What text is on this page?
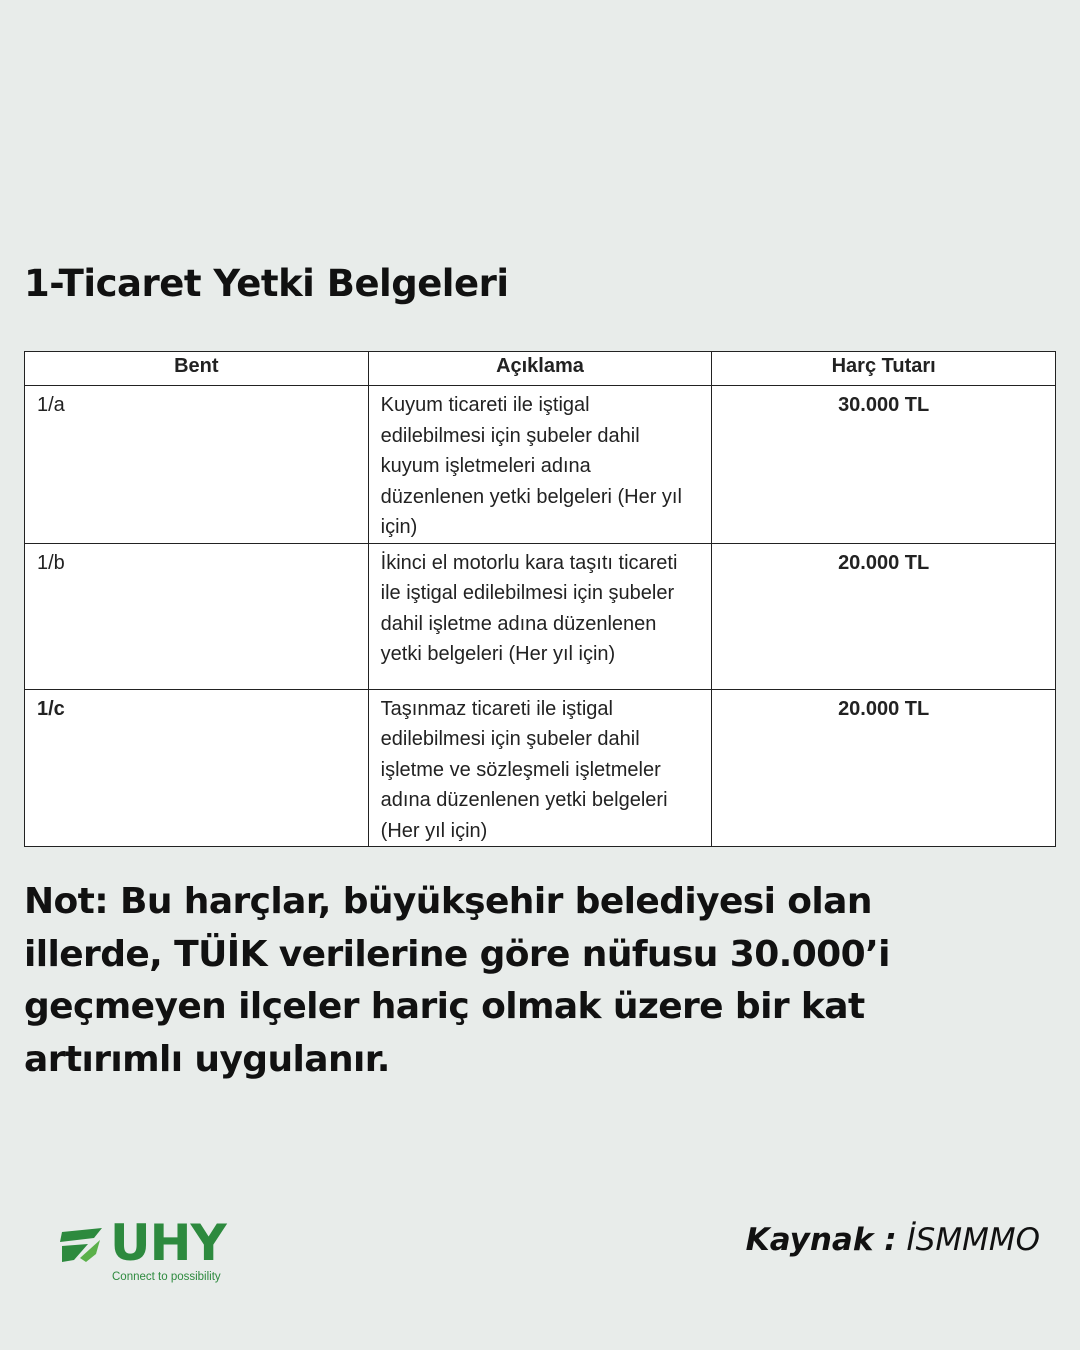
1-Ticaret Yetki Belgeleri
Bent	Açıklama	Harç Tutarı
1/a	Kuyum ticareti ile iştigal edilebilmesi için şubeler dahil kuyum işletmeleri adına düzenlenen yetki belgeleri (Her yıl için)	30.000 TL
1/b	İkinci el motorlu kara taşıtı ticareti ile iştigal edilebilmesi için şubeler dahil işletme adına düzenlenen yetki belgeleri (Her yıl için)	20.000 TL
1/c	Taşınmaz ticareti ile iştigal edilebilmesi için şubeler dahil işletme ve sözleşmeli işletmeler adına düzenlenen yetki belgeleri (Her yıl için)	20.000 TL

Not: Bu harçlar, büyükşehir belediyesi olan illerde, TÜİK verilerine göre nüfusu 30.000’i geçmeyen ilçeler hariç olmak üzere bir kat artırımlı uygulanır.

UHY
Connect to possibility
Kaynak : İSMMMO
